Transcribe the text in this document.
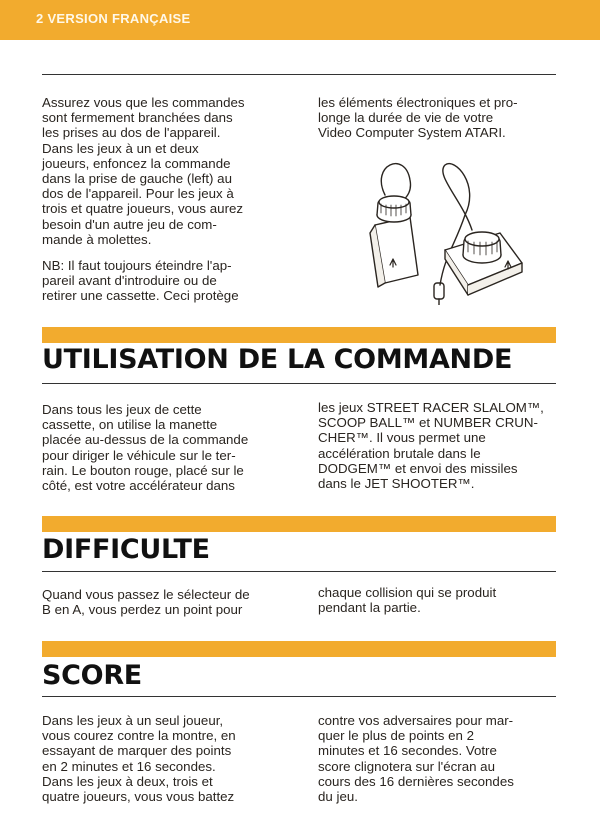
2 VERSION FRANÇAISE

Assurez vous que les commandes
sont fermement branchées dans
les prises au dos de l'appareil.
Dans les jeux à un et deux
joueurs, enfoncez la commande
dans la prise de gauche (left) au
dos de l'appareil. Pour les jeux à
trois et quatre joueurs, vous aurez
besoin d'un autre jeu de com-
mande à molettes.

NB: Il faut toujours éteindre l'ap-
pareil avant d'introduire ou de
retirer une cassette. Ceci protège

les éléments électroniques et pro-
longe la durée de vie de votre
Video Computer System ATARI.

UTILISATION DE LA COMMANDE

Dans tous les jeux de cette
cassette, on utilise la manette
placée au-dessus de la commande
pour diriger le véhicule sur le ter-
rain. Le bouton rouge, placé sur le
côté, est votre accélérateur dans

les jeux STREET RACER SLALOM™,
SCOOP BALL™ et NUMBER CRUN-
CHER™. Il vous permet une
accélération brutale dans le
DODGEM™ et envoi des missiles
dans le JET SHOOTER™.

DIFFICULTE

Quand vous passez le sélecteur de
B en A, vous perdez un point pour

chaque collision qui se produit
pendant la partie.

SCORE

Dans les jeux à un seul joueur,
vous courez contre la montre, en
essayant de marquer des points
en 2 minutes et 16 secondes.
Dans les jeux à deux, trois et
quatre joueurs, vous vous battez

contre vos adversaires pour mar-
quer le plus de points en 2
minutes et 16 secondes. Votre
score clignotera sur l'écran au
cours des 16 dernières secondes
du jeu.
